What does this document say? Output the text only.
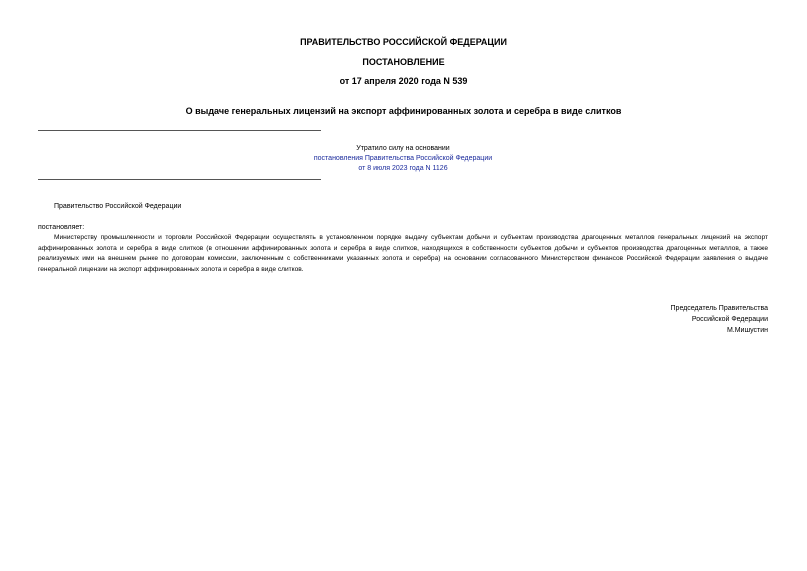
ПРАВИТЕЛЬСТВО РОССИЙСКОЙ ФЕДЕРАЦИИ
ПОСТАНОВЛЕНИЕ
от 17 апреля 2020 года N 539
О выдаче генеральных лицензий на экспорт аффинированных золота и серебра в виде слитков
Утратило силу на основании
постановления Правительства Российской Федерации
от 8 июля 2023 года N 1126
Правительство Российской Федерации
постановляет:

Министерству промышленности и торговли Российской Федерации осуществлять в установленном порядке выдачу субъектам добычи и субъектам производства драгоценных металлов генеральных лицензий на экспорт аффинированных золота и серебра в виде слитков (в отношении аффинированных золота и серебра в виде слитков, находящихся в собственности субъектов добычи и субъектов производства драгоценных металлов, а также реализуемых ими на внешнем рынке по договорам комиссии, заключенным с собственниками указанных золота и серебра) на основании согласованного Министерством финансов Российской Федерации заявления о выдаче генеральной лицензии на экспорт аффинированных золота и серебра в виде слитков.

Председатель Правительства
Российской Федерации
М.Мишустин
